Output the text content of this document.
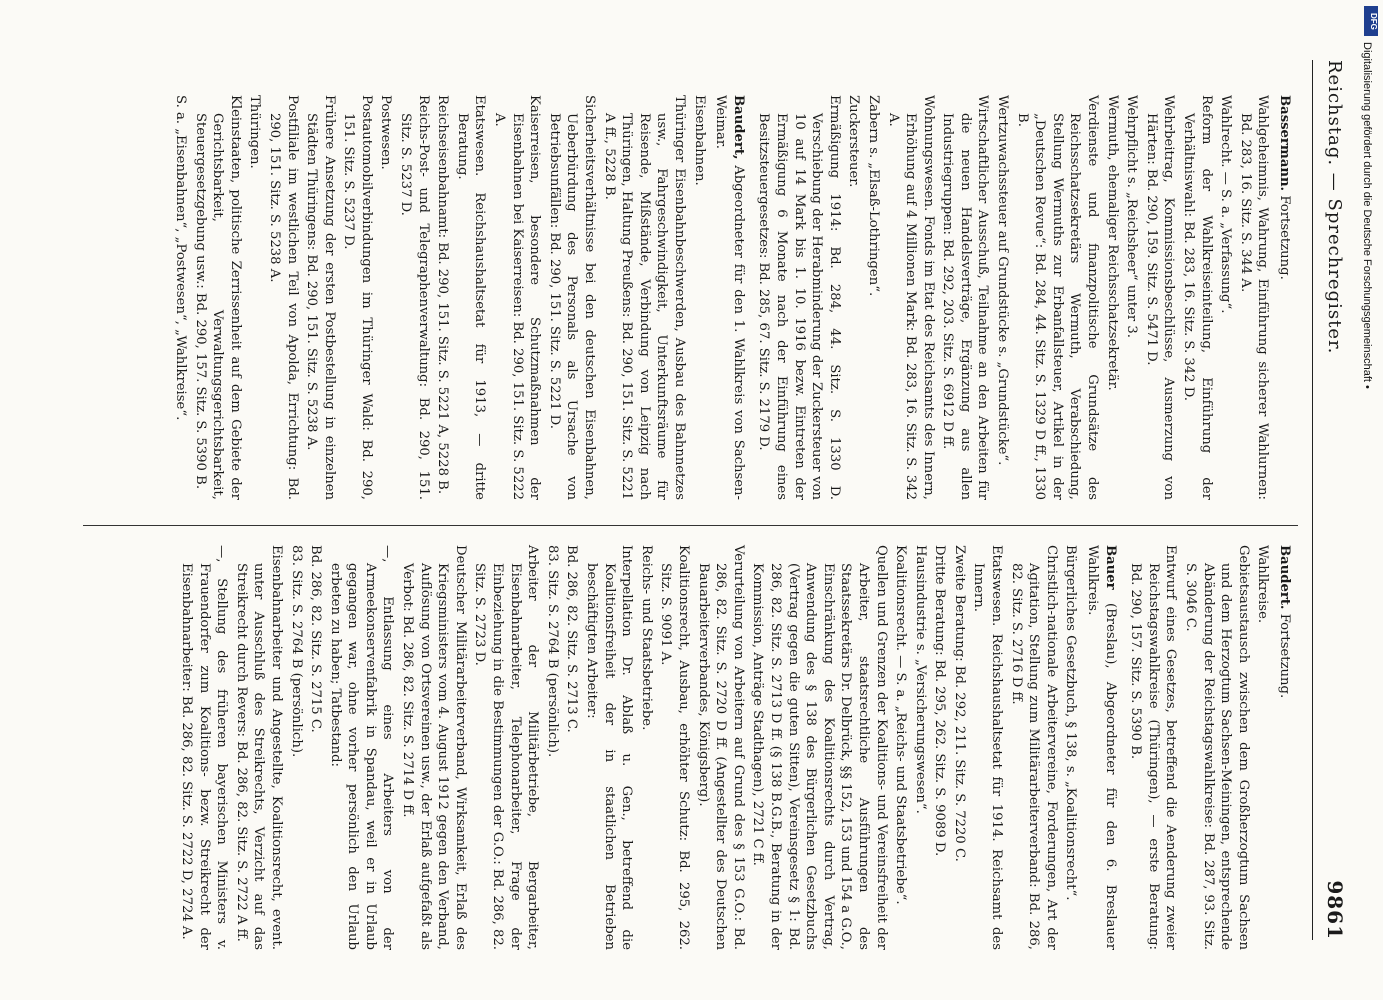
Reichstag. — Sprechregister.
9861
Bassermann. Fortsetzung.
Wahlgeheimnis, Wahrung, Einführung sicherer Wahlurnen: Bd. 283, 16. Sitz. S. 344 A.
Wahlrecht. — S. a. „Verfassung“.
Reform der Wahlkreiseinteilung, Einführung der Verhältniswahl: Bd. 283, 16. Sitz. S. 342 D.
Wehrbeitrag, Kommissionsbeschlüsse, Ausmerzung von Härten: Bd. 290, 159. Sitz. S. 5471 D.
Wehrpflicht s. „Reichsheer“ unter 3.
Wermuth, ehemaliger Reichsschatzsekretär.
Verdienste und finanzpolitische Grundsätze des Reichsschatzsekretärs Wermuth, Verabschiedung, Stellung Wermuths zur Erbanfallsteuer, Artikel in der „Deutschen Revue“: Bd. 284, 44. Sitz. S. 1329 D ff., 1330 B.
Wertzuwachssteuer auf Grundstücke s. „Grundstücke“.
Wirtschaftlicher Ausschuß, Teilnahme an den Arbeiten für die neuen Handelsverträge, Ergänzung aus allen Industriegruppen: Bd. 292, 203. Sitz. S. 6912 D ff.
Wohnungswesen. Fonds im Etat des Reichsamts des Innern, Erhöhung auf 4 Millionen Mark: Bd. 283, 16. Sitz. S. 342 A.
Zabern s. „Elsaß-Lothringen“.
Zuckersteuer.
Ermäßigung 1914: Bd. 284, 44. Sitz. S. 1330 D. Verschiebung der Herabminderung der Zuckersteuer von 10 auf 14 Mark bis 1. 10. 1916 bezw. Eintreten der Ermäßigung 6 Monate nach der Einführung eines Besitzsteuergesetzes: Bd. 285, 67. Sitz. S. 2179 D.
Baudert, Abgeordneter für den 1. Wahlkreis von Sachsen-Weimar.
Eisenbahnen.
Thüringer Eisenbahnbeschwerden, Ausbau des Bahnnetzes usw., Fahrgeschwindigkeit, Unterkunftsräume für Reisende, Mißstände, Verbindung von Leipzig nach Thüringen, Haltung Preußens: Bd. 290, 151. Sitz. S. 5221 A ff., 5228 B.
Sicherheitsverhältnisse bei den deutschen Eisenbahnen, Ueberbürdung des Personals als Ursache von Betriebsunfällen: Bd. 290, 151. Sitz. S. 5221 D.
Kaiserreisen, besondere Schutzmaßnahmen der Eisenbahnen bei Kaiserreisen: Bd. 290, 151. Sitz. S. 5222 A.
Etatswesen. Reichshaushaltsetat für 1913, — dritte Beratung.
Reichseisenbahnamt: Bd. 290, 151. Sitz. S. 5221 A, 5228 B.
Reichs-Post- und Telegraphenverwaltung: Bd. 290, 151. Sitz. S. 5237 D.
Postwesen.
Postautomobilverbindungen im Thüringer Wald: Bd. 290, 151. Sitz. S. 5237 D.
Frühere Ansetzung der ersten Postbestellung in einzelnen Städten Thüringens: Bd. 290, 151. Sitz. S. 5238 A.
Postfiliale im westlichen Teil von Apolda, Errichtung: Bd. 290, 151. Sitz. S. 5238 A.
Thüringen.
Kleinstaaten, politische Zerrissenheit auf dem Gebiete der Gerichtsbarkeit, Verwaltungsgerichtsbarkeit, Steuergesetzgebung usw.: Bd. 290, 157. Sitz. S. 5390 B.
S. a. „Eisenbahnen“, „Postwesen“, „Wahlkreise“.
Baudert. Fortsetzung.
Wahlkreise.
Gebietsaustausch zwischen dem Großherzogtum Sachsen und dem Herzogtum Sachsen-Meiningen, entsprechende Abänderung der Reichstagswahlkreise: Bd. 287, 93. Sitz. S. 3046 C.
Entwurf eines Gesetzes, betreffend die Aenderung zweier Reichstagswahlkreise (Thüringen), — erste Beratung: Bd. 290, 157. Sitz. S. 5390 B.
Bauer (Breslau), Abgeordneter für den 6. Breslauer Wahlkreis.
Bürgerliches Gesetzbuch, § 138, s. „Koalitionsrecht“.
Christlich-nationale Arbeitervereine, Forderungen, Art der Agitation, Stellung zum Militärarbeiterverband: Bd. 286, 82. Sitz. S. 2716 D ff.
Etatswesen. Reichshaushaltsetat für 1914. Reichsamt des Innern.
Zweite Beratung: Bd. 292, 211. Sitz. S. 7220 C.
Dritte Beratung: Bd. 295, 262. Sitz. S. 9089 D.
Hausindustrie s. „Versicherungswesen“.
Koalitionsrecht. — S. a. „Reichs- und Staatsbetriebe“.
Quellen und Grenzen der Koalitions- und Vereinsfreiheit der Arbeiter, staatsrechtliche Ausführungen des Staatssekretärs Dr. Delbrück, §§ 152, 153 und 154 a G.O., Einschränkung des Koalitionsrechts durch Vertrag, Anwendung des § 138 des Bürgerlichen Gesetzbuchs (Vertrag gegen die guten Sitten), Vereinsgesetz § 1: Bd. 286, 82. Sitz. S. 2713 D ff. (§ 138 B.G.B., Beratung in der Kommission, Anträge Stadthagen), 2721 C ff.
Verurteilung von Arbeitern auf Grund des § 153 G.O.: Bd. 286, 82. Sitz. S. 2720 D ff. (Angestellter des Deutschen Bauarbeiterverbandes, Königsberg).
Koalitionsrecht, Ausbau, erhöhter Schutz: Bd. 295, 262. Sitz. S. 9091 A.
Reichs- und Staatsbetriebe.
Interpellation Dr. Ablaß u. Gen., betreffend die Koalitionsfreiheit der in staatlichen Betrieben beschäftigten Arbeiter:
Bd. 286, 82. Sitz. S. 2713 C.
83. Sitz. S. 2764 B (persönlich).
Arbeiter der Militärbetriebe, Bergarbeiter, Eisenbahnarbeiter, Telephonarbeiter, Frage der Einbeziehung in die Bestimmungen der G.O.: Bd. 286, 82. Sitz. S. 2723 D.
Deutscher Militärarbeiterverband, Wirksamkeit, Erlaß des Kriegsministers vom 4. August 1912 gegen den Verband, Auflösung von Ortsvereinen usw., der Erlaß aufgefaßt als Verbot: Bd. 286, 82. Sitz. S. 2714 D ff.
—, Entlassung eines Arbeiters von der Armeekonservenfabrik in Spandau, weil er in Urlaub gegangen war, ohne vorher persönlich den Urlaub erbeten zu haben; Tatbestand:
Bd. 286, 82. Sitz. S. 2715 C.
83. Sitz. S. 2764 B (persönlich).
Eisenbahnarbeiter und Angestellte, Koalitionsrecht, event. unter Ausschluß des Streikrechts, Verzicht auf das Streikrecht durch Revers: Bd. 286, 82. Sitz. S. 2722 A ff.
—, Stellung des früheren bayerischen Ministers v. Frauendorfer zum Koalitions- bezw. Streikrecht der Eisenbahnarbeiter: Bd. 286, 82. Sitz. S. 2722 D, 2724 A.
Digitalisierung gefördert durch die Deutsche Forschungsgemeinschaft •
DFG
